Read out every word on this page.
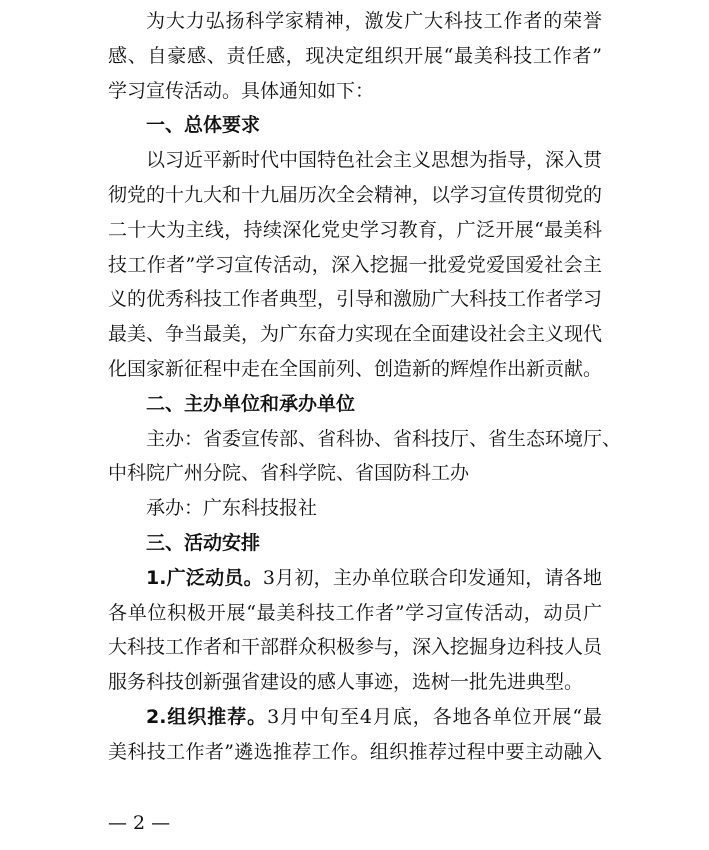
为大力弘扬科学家精神，激发广大科技工作者的荣誉
感、自豪感、责任感，现决定组织开展“最美科技工作者”
学习宣传活动。具体通知如下：
一、总体要求
以习近平新时代中国特色社会主义思想为指导，深入贯
彻党的十九大和十九届历次全会精神，以学习宣传贯彻党的
二十大为主线，持续深化党史学习教育，广泛开展“最美科
技工作者”学习宣传活动，深入挖掘一批爱党爱国爱社会主
义的优秀科技工作者典型，引导和激励广大科技工作者学习
最美、争当最美，为广东奋力实现在全面建设社会主义现代
化国家新征程中走在全国前列、创造新的辉煌作出新贡献。
二、主办单位和承办单位
主办：省委宣传部、省科协、省科技厅、省生态环境厅、
中科院广州分院、省科学院、省国防科工办
承办：广东科技报社
三、活动安排
1.广泛动员。3月初，主办单位联合印发通知，请各地
各单位积极开展“最美科技工作者”学习宣传活动，动员广
大科技工作者和干部群众积极参与，深入挖掘身边科技人员
服务科技创新强省建设的感人事迹，选树一批先进典型。
2.组织推荐。3月中旬至4月底，各地各单位开展“最
美科技工作者”遴选推荐工作。组织推荐过程中要主动融入
— 2 —
